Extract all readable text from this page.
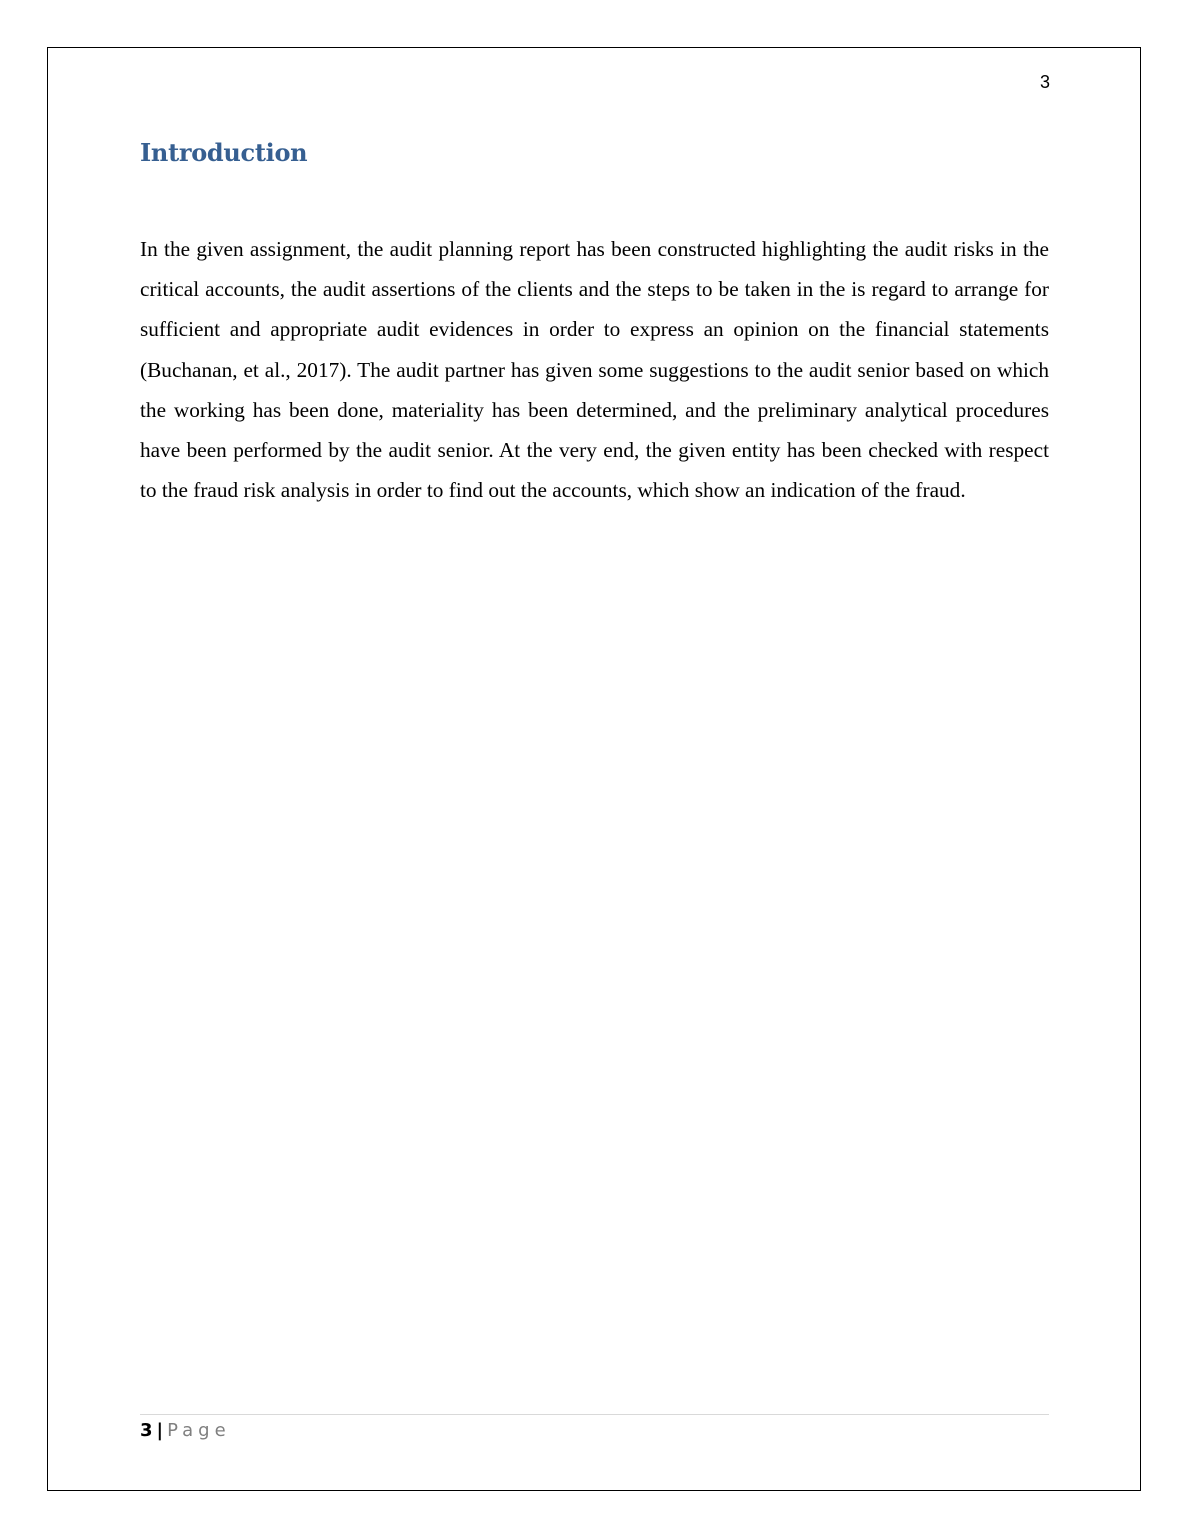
3
Introduction

In the given assignment, the audit planning report has been constructed highlighting the audit risks in the critical accounts, the audit assertions of the clients and the steps to be taken in the is regard to arrange for sufficient and appropriate audit evidences in order to express an opinion on the financial statements (Buchanan, et al., 2017). The audit partner has given some suggestions to the audit senior based on which the working has been done, materiality has been determined, and the preliminary analytical procedures have been performed by the audit senior. At the very end, the given entity has been checked with respect to the fraud risk analysis in order to find out the accounts, which show an indication of the fraud.

3 | Page
